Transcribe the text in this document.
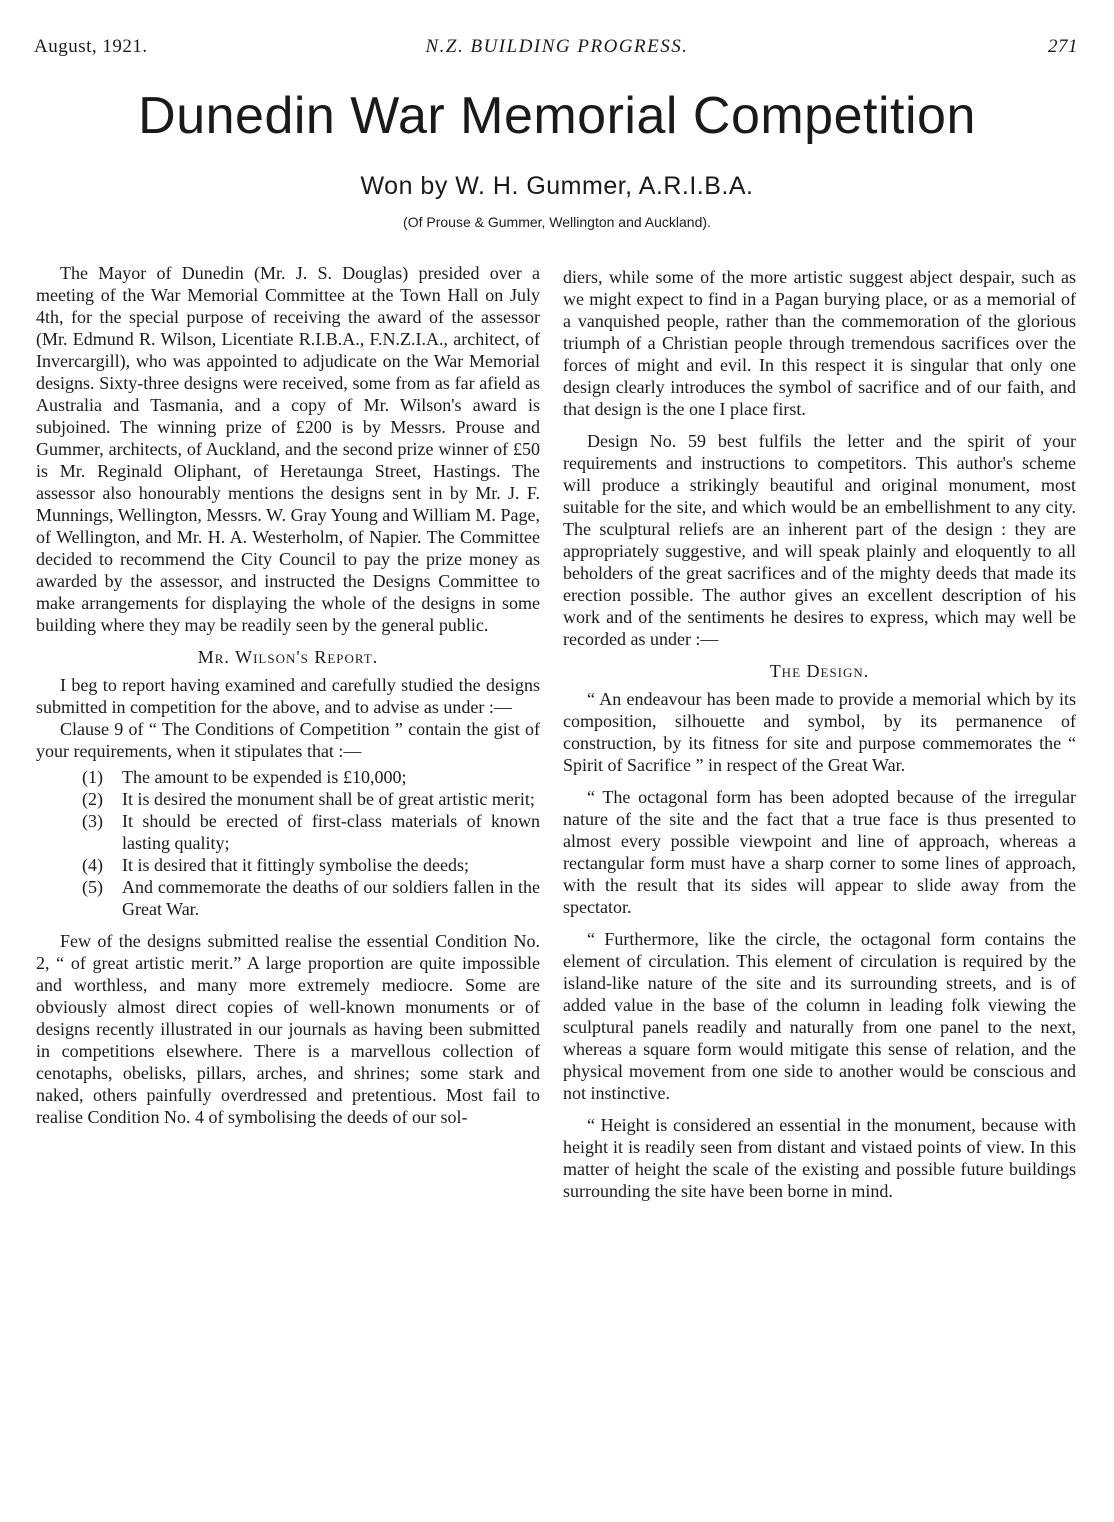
August, 1921.	N.Z. BUILDING PROGRESS.	271
Dunedin War Memorial Competition
Won by W. H. Gummer, A.R.I.B.A.
(Of Prouse & Gummer, Wellington and Auckland).

The Mayor of Dunedin (Mr. J. S. Douglas) presided over a meeting of the War Memorial Committee at the Town Hall on July 4th, for the special purpose of receiving the award of the assessor (Mr. Edmund R. Wilson, Licentiate R.I.B.A., F.N.Z.I.A., architect, of Invercargill), who was appointed to adjudicate on the War Memorial designs. Sixty-three designs were received, some from as far afield as Australia and Tasmania, and a copy of Mr. Wilson's award is subjoined. The winning prize of £200 is by Messrs. Prouse and Gummer, architects, of Auckland, and the second prize winner of £50 is Mr. Reginald Oliphant, of Heretaunga Street, Hastings. The assessor also honourably mentions the designs sent in by Mr. J. F. Munnings, Wellington, Messrs. W. Gray Young and William M. Page, of Wellington, and Mr. H. A. Westerholm, of Napier. The Committee decided to recommend the City Council to pay the prize money as awarded by the assessor, and instructed the Designs Committee to make arrangements for displaying the whole of the designs in some building where they may be readily seen by the general public.

Mr. Wilson's Report.

I beg to report having examined and carefully studied the designs submitted in competition for the above, and to advise as under :—

Clause 9 of “ The Conditions of Competition ” contain the gist of your requirements, when it stipulates that :—

(1) The amount to be expended is £10,000;
(2) It is desired the monument shall be of great artistic merit;
(3) It should be erected of first-class materials of known lasting quality;
(4) It is desired that it fittingly symbolise the deeds;
(5) And commemorate the deaths of our soldiers fallen in the Great War.

Few of the designs submitted realise the essential Condition No. 2, “ of great artistic merit.” A large proportion are quite impossible and worthless, and many more extremely mediocre. Some are obviously almost direct copies of well-known monuments or of designs recently illustrated in our journals as having been submitted in competitions elsewhere. There is a marvellous collection of cenotaphs, obelisks, pillars, arches, and shrines; some stark and naked, others painfully overdressed and pretentious. Most fail to realise Condition No. 4 of symbolising the deeds of our sol-

diers, while some of the more artistic suggest abject despair, such as we might expect to find in a Pagan burying place, or as a memorial of a vanquished people, rather than the commemoration of the glorious triumph of a Christian people through tremendous sacrifices over the forces of might and evil. In this respect it is singular that only one design clearly introduces the symbol of sacrifice and of our faith, and that design is the one I place first.

Design No. 59 best fulfils the letter and the spirit of your requirements and instructions to competitors. This author's scheme will produce a strikingly beautiful and original monument, most suitable for the site, and which would be an embellishment to any city. The sculptural reliefs are an inherent part of the design : they are appropriately suggestive, and will speak plainly and eloquently to all beholders of the great sacrifices and of the mighty deeds that made its erection possible. The author gives an excellent description of his work and of the sentiments he desires to express, which may well be recorded as under :—

The Design.

“ An endeavour has been made to provide a memorial which by its composition, silhouette and symbol, by its permanence of construction, by its fitness for site and purpose commemorates the “ Spirit of Sacrifice ” in respect of the Great War.

“ The octagonal form has been adopted because of the irregular nature of the site and the fact that a true face is thus presented to almost every possible viewpoint and line of approach, whereas a rectangular form must have a sharp corner to some lines of approach, with the result that its sides will appear to slide away from the spectator.

“ Furthermore, like the circle, the octagonal form contains the element of circulation. This element of circulation is required by the island-like nature of the site and its surrounding streets, and is of added value in the base of the column in leading folk viewing the sculptural panels readily and naturally from one panel to the next, whereas a square form would mitigate this sense of relation, and the physical movement from one side to another would be conscious and not instinctive.

“ Height is considered an essential in the monument, because with height it is readily seen from distant and vistaed points of view. In this matter of height the scale of the existing and possible future buildings surrounding the site have been borne in mind.
